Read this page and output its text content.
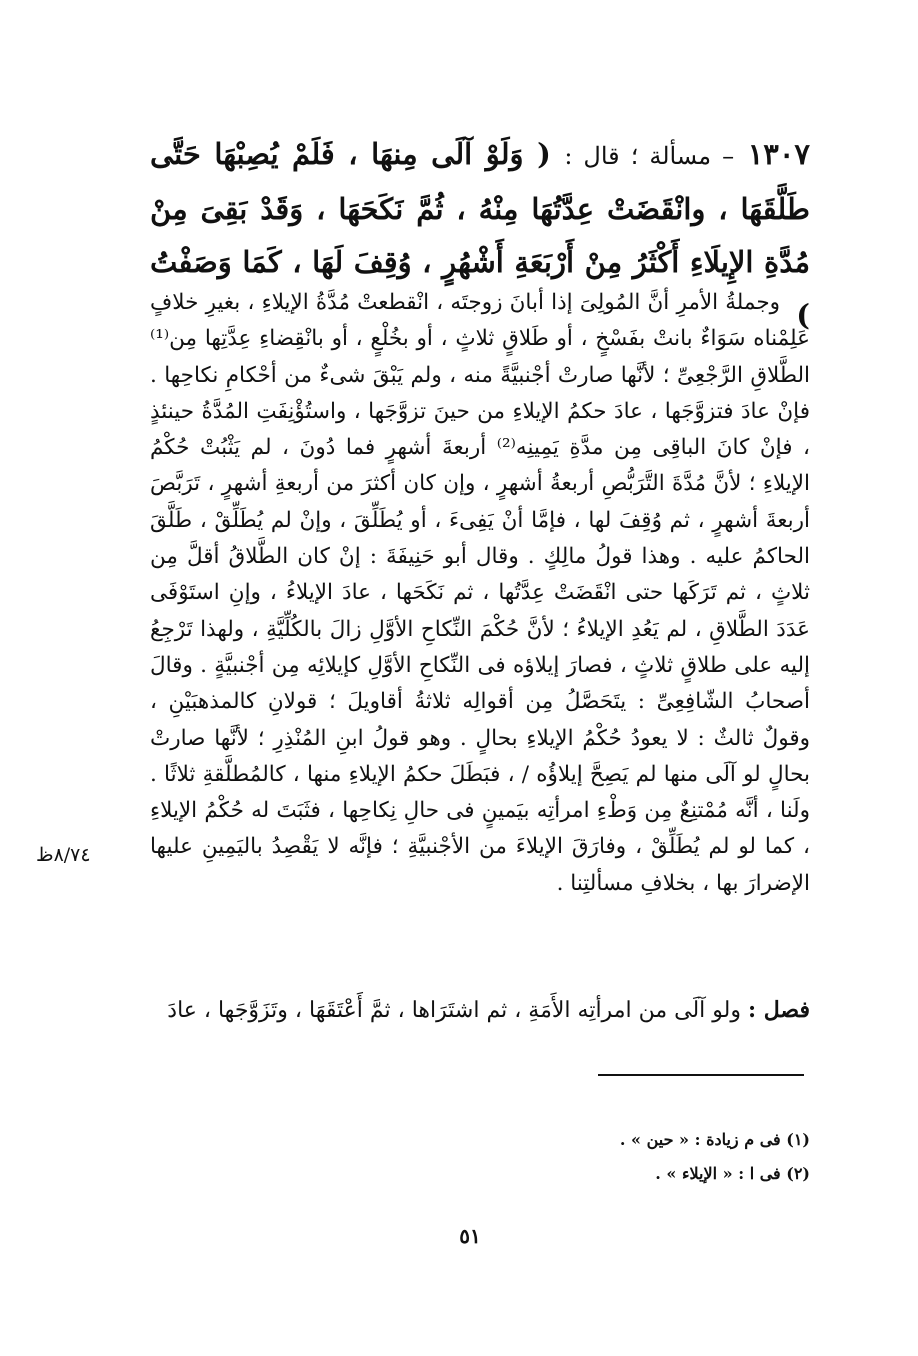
١٣٠٧ – مسألة ؛ قال : ( وَلَوْ آلَى مِنهَا ، فَلَمْ يُصِبْهَا حَتَّى طَلَّقَهَا ، وانْقَضَتْ عِدَّتُهَا مِنْهُ ، ثُمَّ نَكَحَهَا ، وَقَدْ بَقِىَ مِنْ مُدَّةِ الإِيلَاءِ أَكْثَرُ مِنْ أَرْبَعَةِ أَشْهُرٍ ، وُقِفَ لَهَا ، كَمَا وَصَفْتُ )

وجملةُ الأمرِ أنَّ المُولِىَ إذا أبانَ زوجتَه ، انْقطعتْ مُدَّةُ الإيلاءِ ، بغيرِ خلافٍ عَلِمْناه سَوَاءٌ بانتْ بفَسْخٍ ، أو طَلاقٍ ثلاثٍ ، أو بخُلْعٍ ، أو بانْقِضاءِ عِدَّتِها مِن⁽¹⁾ الطَّلاقِ الرَّجْعِىِّ ؛ لأنَّها صارتْ أجْنبيَّةً منه ، ولم يَبْقَ شىءٌ من أحْكامِ نكاحِها . فإنْ عادَ فتزوَّجَها ، عادَ حكمُ الإيلاءِ من حينَ تزوَّجَها ، واستُؤْنِفَتِ المُدَّةُ حينئذٍ ، فإنْ كانَ الباقِى مِن مدَّةِ يَمِينِه⁽²⁾ أربعةَ أشهرٍ فما دُونَ ، لم يَثْبُتْ حُكْمُ الإيلاءِ ؛ لأنَّ مُدَّةَ التَّرَبُّصِ أربعةُ أشهرٍ ، وإن كان أكثرَ من أربعةِ أشهرٍ ، تَرَبَّصَ أربعةَ أشهرٍ ، ثم وُقِفَ لها ، فإمَّا أنْ يَفِىءَ ، أو يُطَلِّقَ ، وإنْ لم يُطَلِّقْ ، طَلَّقَ الحاكمُ عليه . وهذا قولُ مالِكٍ . وقال أبو حَنِيفَةَ : إنْ كان الطَّلاقُ أقلَّ مِن ثلاثٍ ، ثم تَرَكَها حتى انْقَضَتْ عِدَّتُها ، ثم نَكَحَها ، عادَ الإيلاءُ ، وإنِ استَوْفَى عَدَدَ الطَّلاقِ ، لم يَعُدِ الإيلاءُ ؛ لأنَّ حُكْمَ النِّكاحِ الأوَّلِ زالَ بالكُلِّيَّةِ ، ولهذا تَرْجِعُ إليه على طلاقٍ ثلاثٍ ، فصارَ إيلاؤه فى النِّكاحِ الأوَّلِ كإيلائِه مِن أجْنبيَّةٍ . وقالَ أصحابُ الشّافِعِىِّ : يتَحَصَّلُ مِن أقوالِه ثلاثةُ أقاويلَ ؛ قولانِ كالمذهبَيْنِ ، وقولٌ ثالثٌ : لا يعودُ حُكْمُ الإيلاءِ بحالٍ . وهو قولُ ابنِ المُنْذِرِ ؛ لأنَّها صارتْ بحالٍ لو آلَى منها لم يَصِحَّ إيلاؤُه / ، فبَطَلَ حكمُ الإيلاءِ منها ، كالمُطلَّقةِ ثلاثًا . ولَنا ، أنَّه مُمْتنِعٌ مِن وَطْءِ امرأتِه بيَمينٍ فى حالِ نِكاحِها ، فثَبَتَ له حُكْمُ الإيلاءِ ، كما لو لم يُطَلِّقْ ، وفارَقَ الإيلاءَ من الأجْنبيَّةِ ؛ فإنَّه لا يَقْصِدُ باليَمِينِ عليها الإضرارَ بها ، بخلافِ مسألتِنا .

فصل : ولو آلَى من امرأتِه الأَمَةِ ، ثم اشتَرَاها ، ثمَّ أَعْتَقَهَا ، وتَزَوَّجَها ، عادَ
٨/٧٤ظ
(١) فى م زيادة : « حين » .
(٢) فى ا : « الإيلاء » .
٥١
